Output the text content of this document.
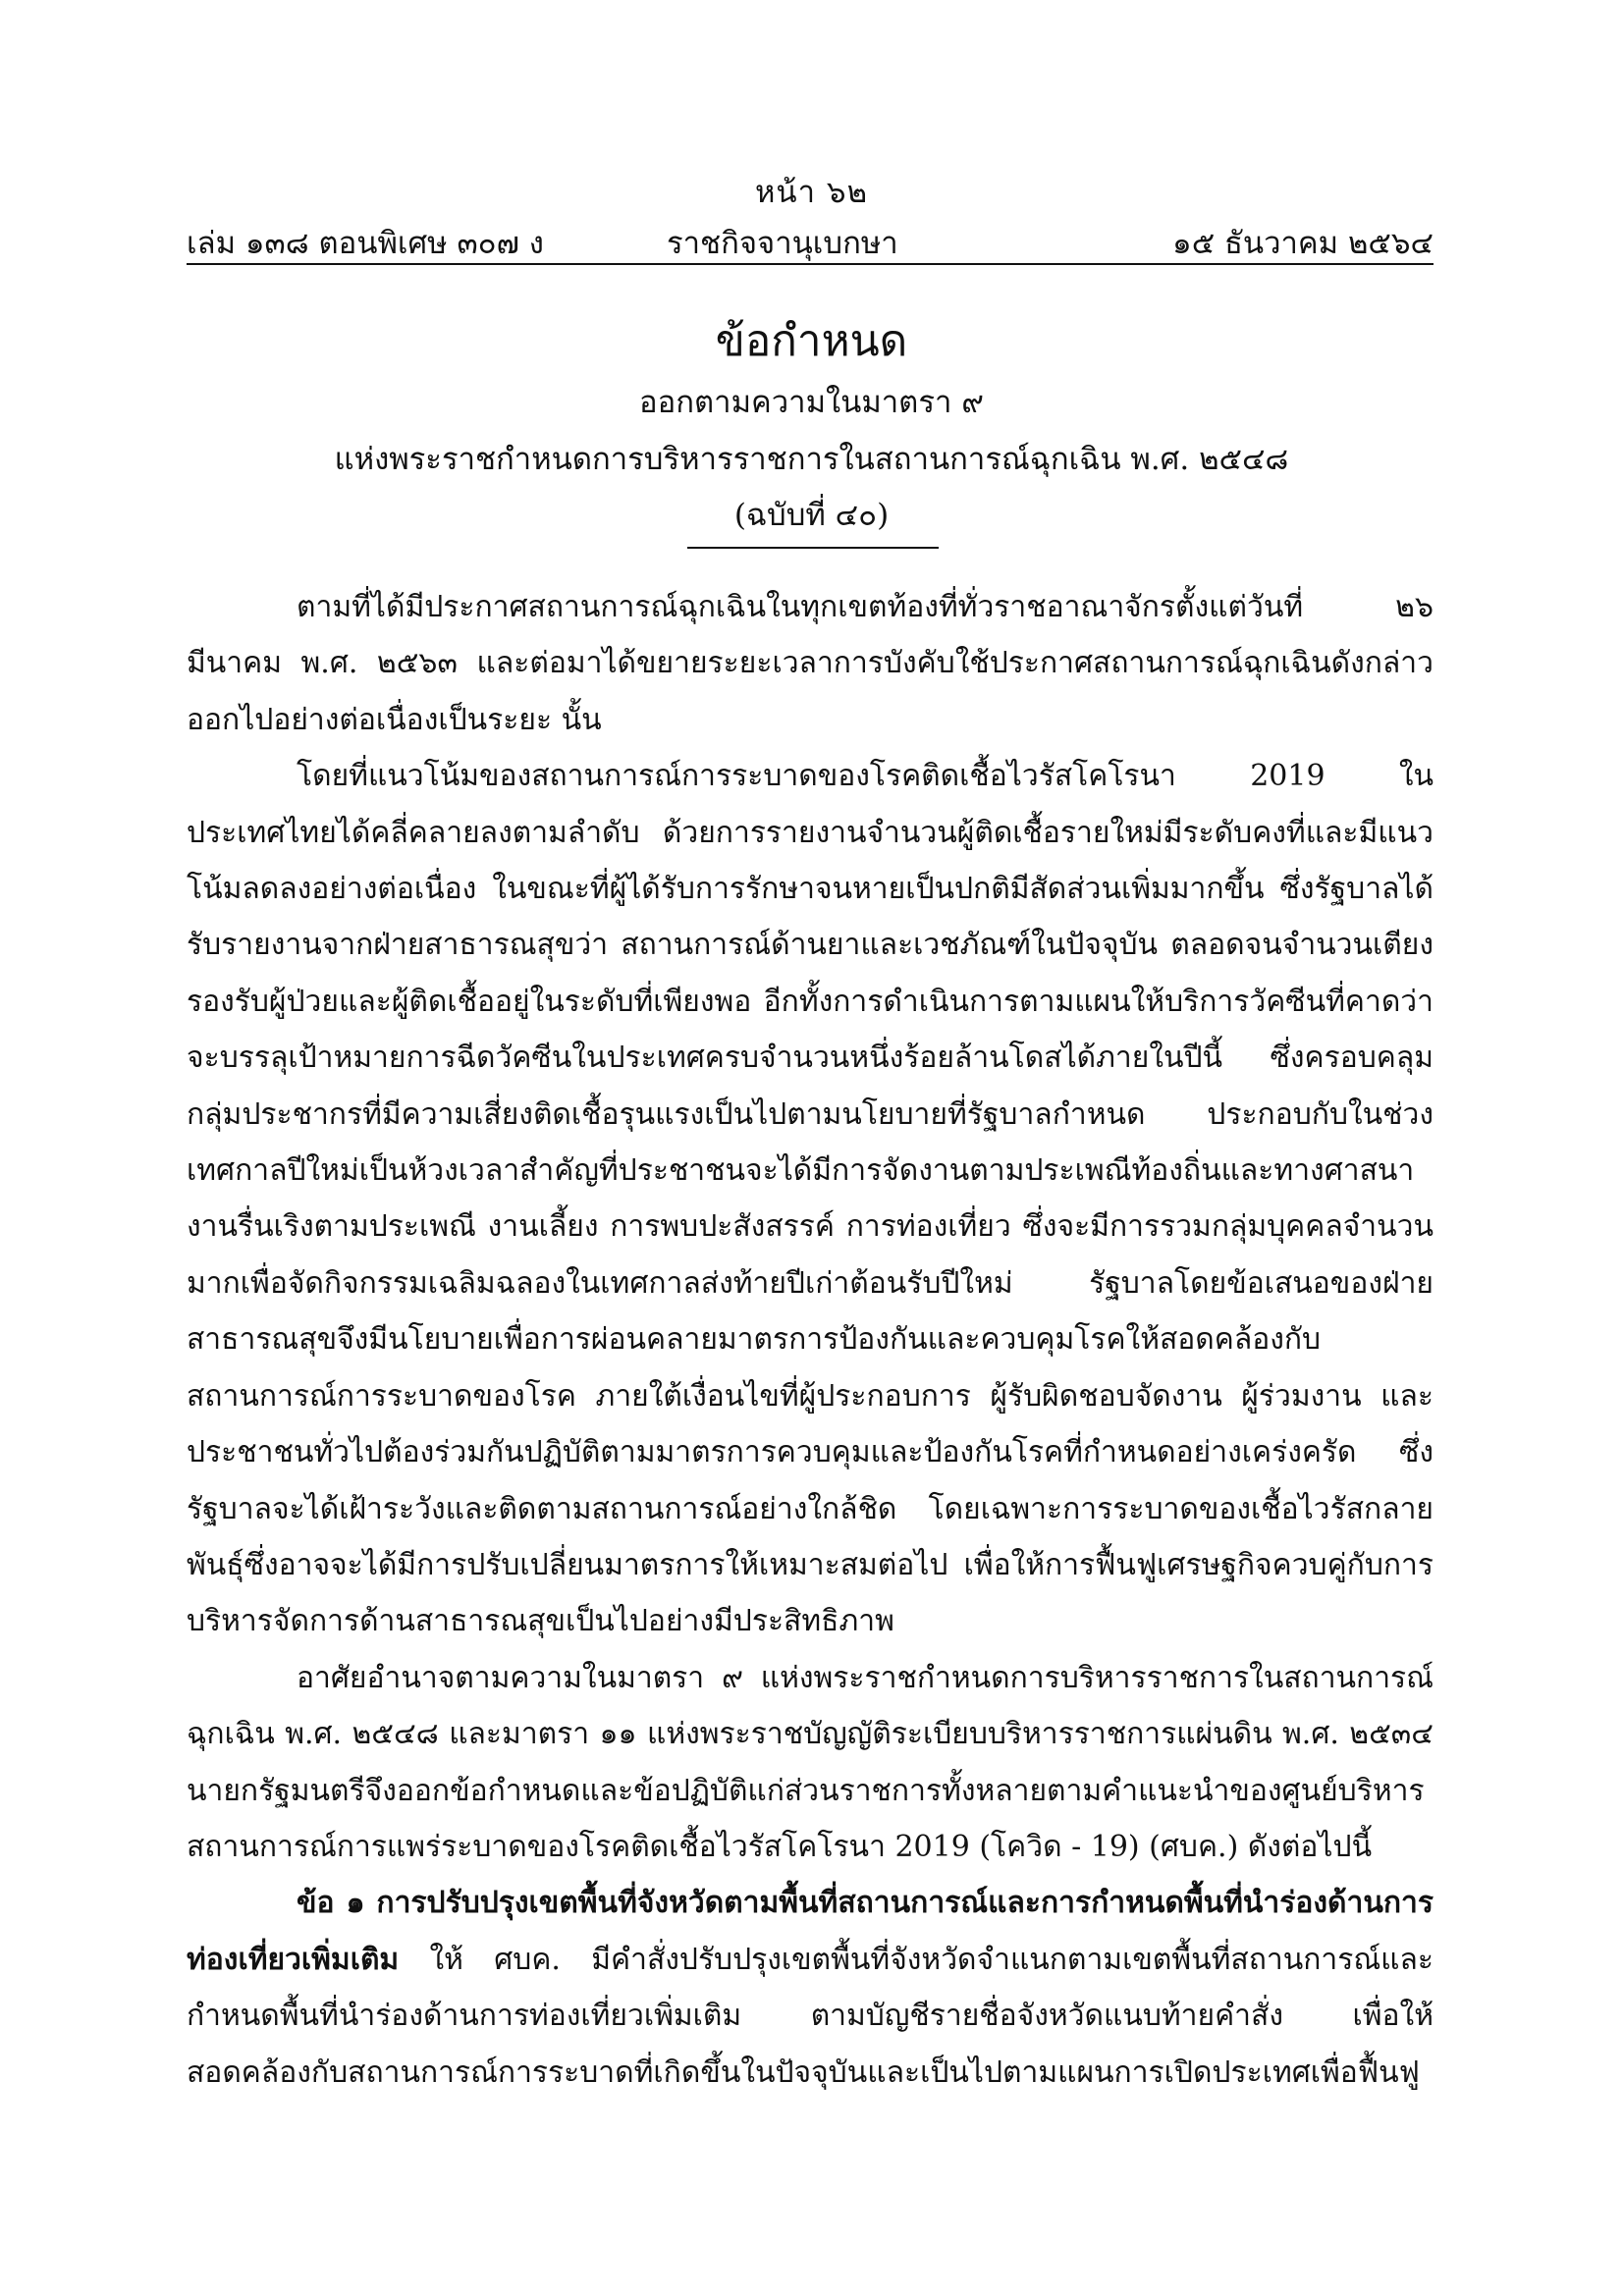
หน้า ๖๒
เล่ม ๑๓๘ ตอนพิเศษ ๓๐๗ ง	ราชกิจจานุเบกษา	๑๕ ธันวาคม ๒๕๖๔
ข้อกำหนด
ออกตามความในมาตรา ๙
แห่งพระราชกำหนดการบริหารราชการในสถานการณ์ฉุกเฉิน พ.ศ. ๒๕๔๘
(ฉบับที่ ๔๐)

ตามที่ได้มีประกาศสถานการณ์ฉุกเฉินในทุกเขตท้องที่ทั่วราชอาณาจักรตั้งแต่วันที่ ๒๖ มีนาคม พ.ศ. ๒๕๖๓ และต่อมาได้ขยายระยะเวลาการบังคับใช้ประกาศสถานการณ์ฉุกเฉินดังกล่าวออกไปอย่างต่อเนื่องเป็นระยะ นั้น

โดยที่แนวโน้มของสถานการณ์การระบาดของโรคติดเชื้อไวรัสโคโรนา 2019 ในประเทศไทยได้คลี่คลายลงตามลำดับ ด้วยการรายงานจำนวนผู้ติดเชื้อรายใหม่มีระดับคงที่และมีแนวโน้มลดลงอย่างต่อเนื่อง ในขณะที่ผู้ได้รับการรักษาจนหายเป็นปกติมีสัดส่วนเพิ่มมากขึ้น ซึ่งรัฐบาลได้รับรายงานจากฝ่ายสาธารณสุขว่า สถานการณ์ด้านยาและเวชภัณฑ์ในปัจจุบัน ตลอดจนจำนวนเตียงรองรับผู้ป่วยและผู้ติดเชื้ออยู่ในระดับที่เพียงพอ อีกทั้งการดำเนินการตามแผนให้บริการวัคซีนที่คาดว่าจะบรรลุเป้าหมายการฉีดวัคซีนในประเทศครบจำนวนหนึ่งร้อยล้านโดสได้ภายในปีนี้ ซึ่งครอบคลุมกลุ่มประชากรที่มีความเสี่ยงติดเชื้อรุนแรงเป็นไปตามนโยบายที่รัฐบาลกำหนด ประกอบกับในช่วงเทศกาลปีใหม่เป็นห้วงเวลาสำคัญที่ประชาชนจะได้มีการจัดงานตามประเพณีท้องถิ่นและทางศาสนา งานรื่นเริงตามประเพณี งานเลี้ยง การพบปะสังสรรค์ การท่องเที่ยว ซึ่งจะมีการรวมกลุ่มบุคคลจำนวนมากเพื่อจัดกิจกรรมเฉลิมฉลองในเทศกาลส่งท้ายปีเก่าต้อนรับปีใหม่ รัฐบาลโดยข้อเสนอของฝ่ายสาธารณสุขจึงมีนโยบายเพื่อการผ่อนคลายมาตรการป้องกันและควบคุมโรคให้สอดคล้องกับสถานการณ์การระบาดของโรค ภายใต้เงื่อนไขที่ผู้ประกอบการ ผู้รับผิดชอบจัดงาน ผู้ร่วมงาน และประชาชนทั่วไปต้องร่วมกันปฏิบัติตามมาตรการควบคุมและป้องกันโรคที่กำหนดอย่างเคร่งครัด ซึ่งรัฐบาลจะได้เฝ้าระวังและติดตามสถานการณ์อย่างใกล้ชิด โดยเฉพาะการระบาดของเชื้อไวรัสกลายพันธุ์ซึ่งอาจจะได้มีการปรับเปลี่ยนมาตรการให้เหมาะสมต่อไป เพื่อให้การฟื้นฟูเศรษฐกิจควบคู่กับการบริหารจัดการด้านสาธารณสุขเป็นไปอย่างมีประสิทธิภาพ

อาศัยอำนาจตามความในมาตรา ๙ แห่งพระราชกำหนดการบริหารราชการในสถานการณ์ฉุกเฉิน พ.ศ. ๒๕๔๘ และมาตรา ๑๑ แห่งพระราชบัญญัติระเบียบบริหารราชการแผ่นดิน พ.ศ. ๒๕๓๔ นายกรัฐมนตรีจึงออกข้อกำหนดและข้อปฏิบัติแก่ส่วนราชการทั้งหลายตามคำแนะนำของศูนย์บริหารสถานการณ์การแพร่ระบาดของโรคติดเชื้อไวรัสโคโรนา 2019 (โควิด - 19) (ศบค.) ดังต่อไปนี้

ข้อ ๑ การปรับปรุงเขตพื้นที่จังหวัดตามพื้นที่สถานการณ์และการกำหนดพื้นที่นำร่องด้านการท่องเที่ยวเพิ่มเติม ให้ ศบค. มีคำสั่งปรับปรุงเขตพื้นที่จังหวัดจำแนกตามเขตพื้นที่สถานการณ์และกำหนดพื้นที่นำร่องด้านการท่องเที่ยวเพิ่มเติม ตามบัญชีรายชื่อจังหวัดแนบท้ายคำสั่ง เพื่อให้สอดคล้องกับสถานการณ์การระบาดที่เกิดขึ้นในปัจจุบันและเป็นไปตามแผนการเปิดประเทศเพื่อฟื้นฟู
